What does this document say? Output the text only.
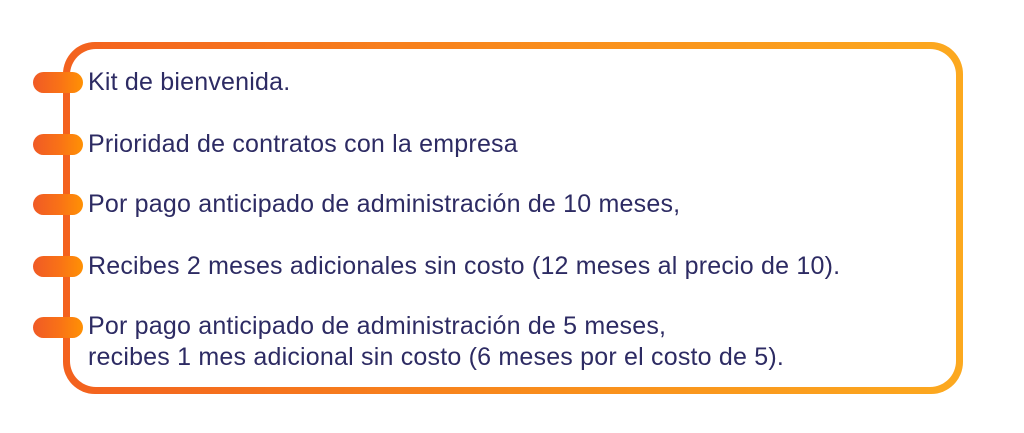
Kit de bienvenida.
Prioridad de contratos con la empresa
Por pago anticipado de administración de 10 meses,
Recibes 2 meses adicionales sin costo (12 meses al precio de 10).
Por pago anticipado de administración de 5 meses,
recibes 1 mes adicional sin costo (6 meses por el costo de 5).
